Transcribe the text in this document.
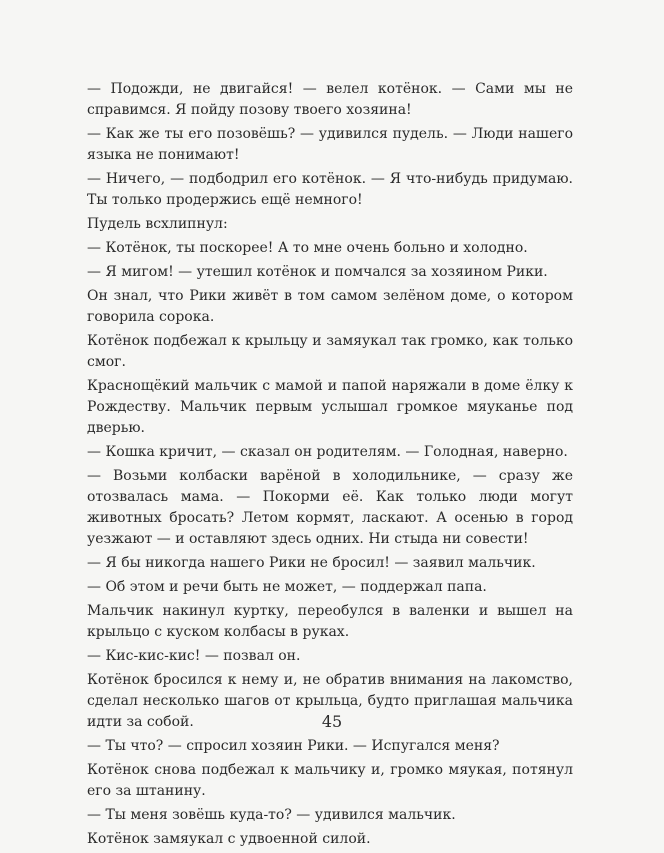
— Подожди, не двигайся! — велел котёнок. — Сами мы не справимся. Я пойду позову твоего хозяина!

— Как же ты его позовёшь? — удивился пудель. — Люди нашего языка не понимают!

— Ничего, — подбодрил его котёнок. — Я что-нибудь придумаю. Ты только продержись ещё немного!

Пудель всхлипнул:

— Котёнок, ты поскорее! А то мне очень больно и холодно.

— Я мигом! — утешил котёнок и помчался за хозяином Рики.

Он знал, что Рики живёт в том самом зелёном доме, о котором говорила сорока.

Котёнок подбежал к крыльцу и замяукал так громко, как только смог.

Краснощёкий мальчик с мамой и папой наряжали в доме ёлку к Рождеству. Мальчик первым услышал громкое мяуканье под дверью.

— Кошка кричит, — сказал он родителям. — Голодная, наверно.

— Возьми колбаски варёной в холодильнике, — сразу же отозвалась мама. — Покорми её. Как только люди могут животных бросать? Летом кормят, ласкают. А осенью в город уезжают — и оставляют здесь одних. Ни стыда ни совести!

— Я бы никогда нашего Рики не бросил! — заявил мальчик.

— Об этом и речи быть не может, — поддержал папа.

Мальчик накинул куртку, переобулся в валенки и вышел на крыльцо с куском колбасы в руках.

— Кис-кис-кис! — позвал он.

Котёнок бросился к нему и, не обратив внимания на лакомство, сделал несколько шагов от крыльца, будто приглашая мальчика идти за собой.

— Ты что? — спросил хозяин Рики. — Испугался меня?

Котёнок снова подбежал к мальчику и, громко мяукая, потянул его за штанину.

— Ты меня зовёшь куда-то? — удивился мальчик.

Котёнок замяукал с удвоенной силой.

45
